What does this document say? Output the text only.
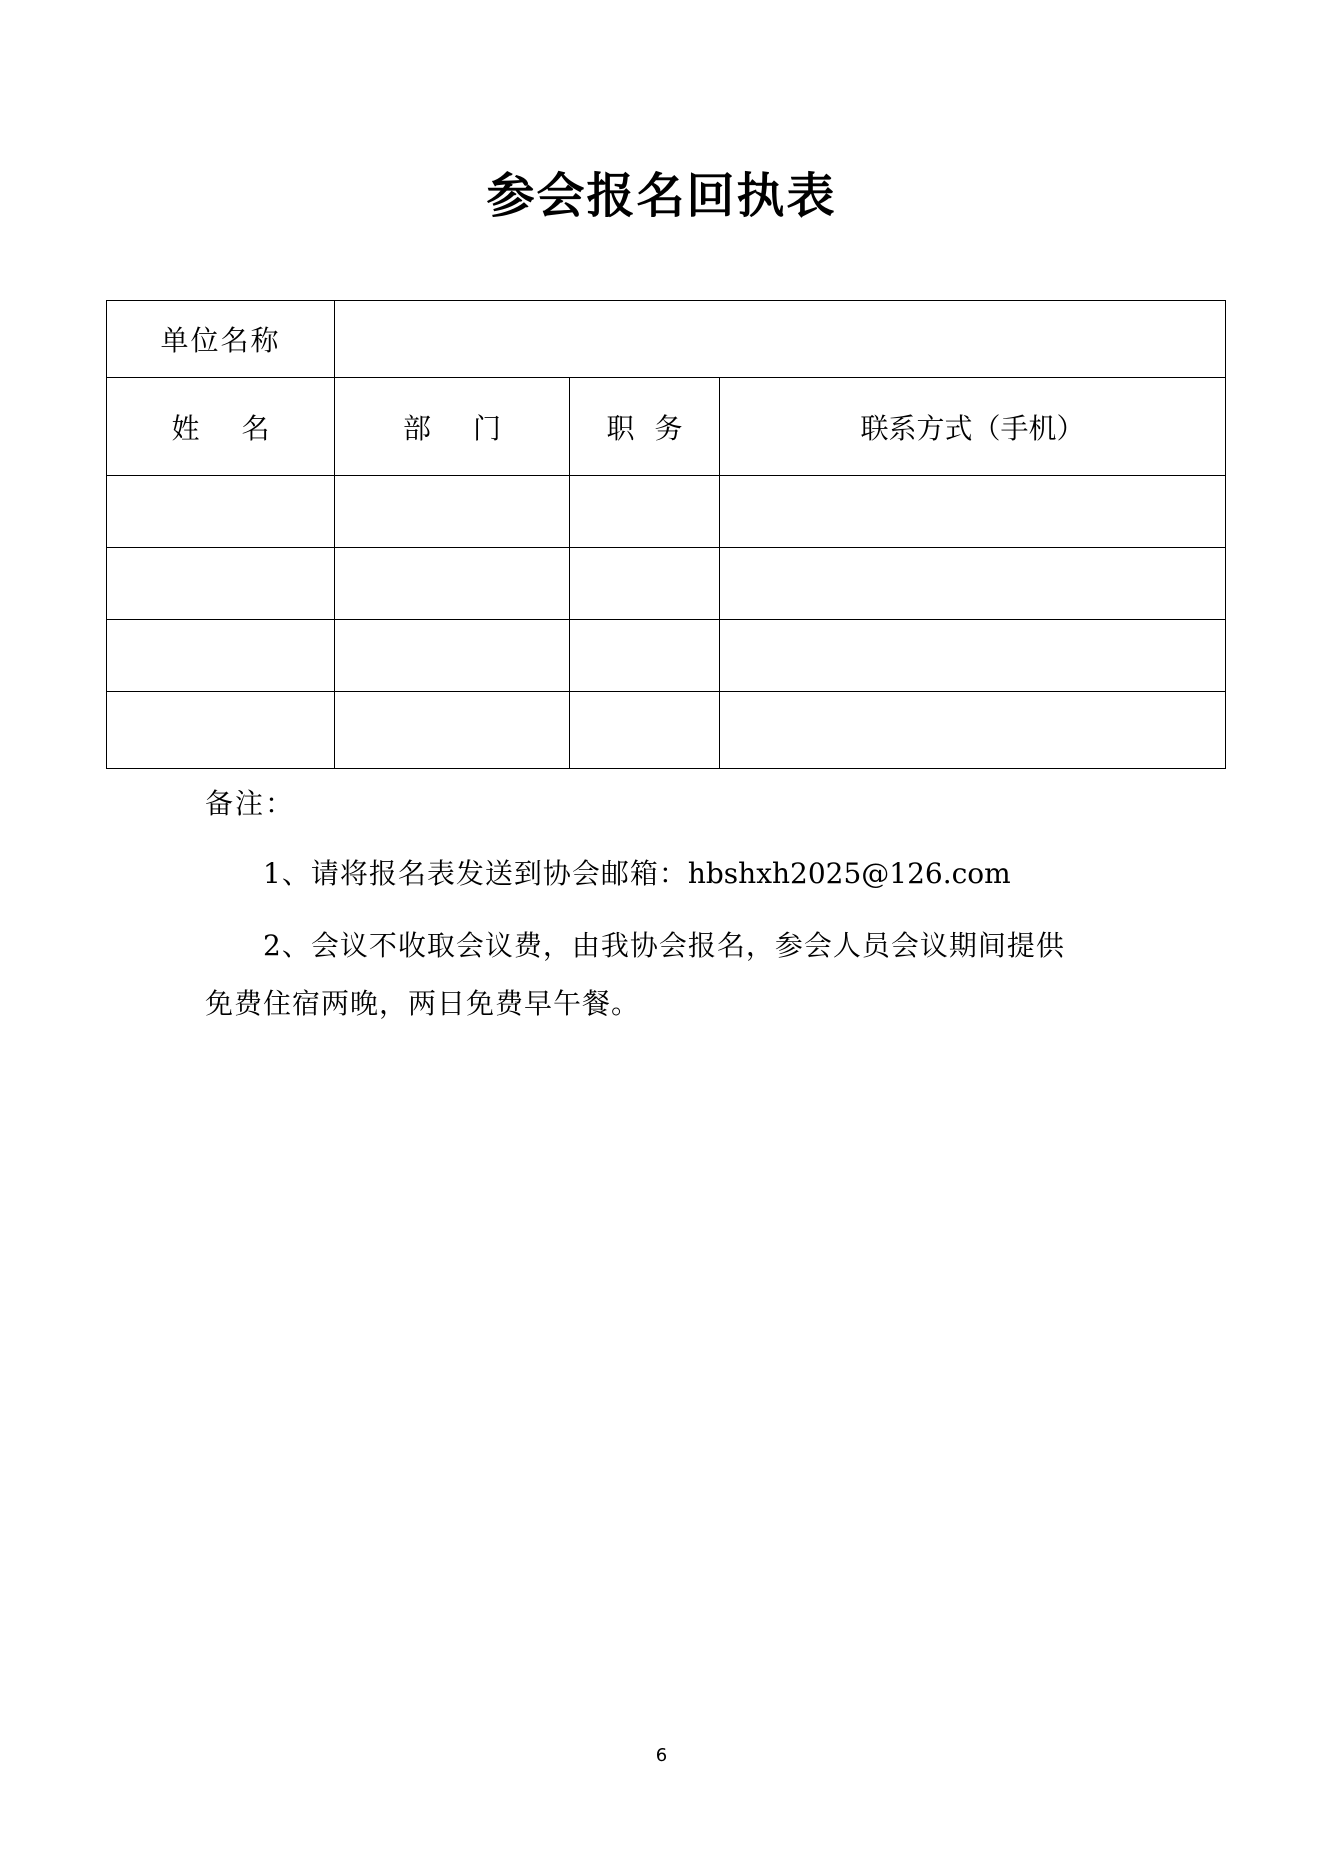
参会报名回执表
单位名称			
姓 名	部 门	职 务	联系方式（手机）

备注：
1、请将报名表发送到协会邮箱：hbshxh2025@126.com
2、会议不收取会议费，由我协会报名，参会人员会议期间提供
免费住宿两晚，两日免费早午餐。
6
